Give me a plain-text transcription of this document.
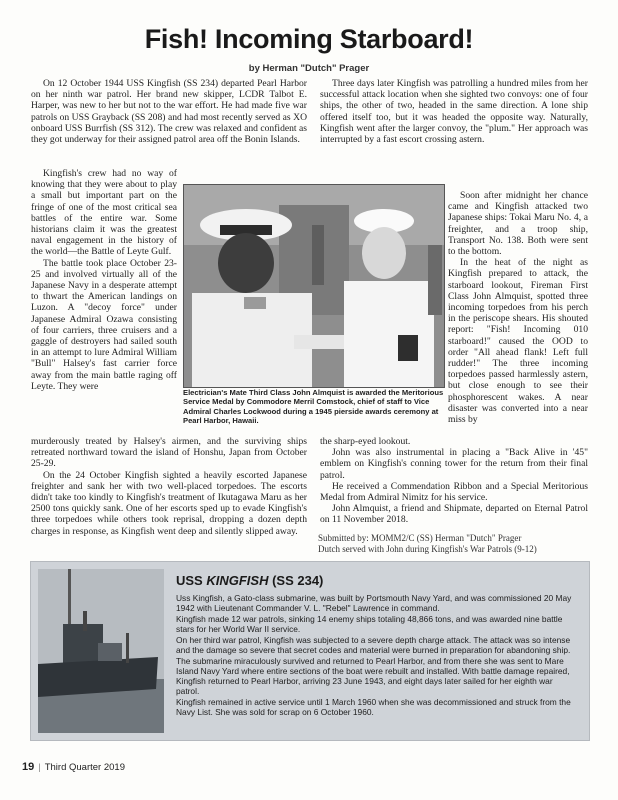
Fish! Incoming Starboard!
by Herman "Dutch" Prager

On 12 October 1944 USS Kingfish (SS 234) departed Pearl Harbor on her ninth war patrol. Her brand new skipper, LCDR Talbot E. Harper, was new to her but not to the war effort. He had made five war patrols on USS Grayback (SS 208) and had most recently served as XO onboard USS Burrfish (SS 312). The crew was relaxed and confident as they got underway for their assigned patrol area off the Bonin Islands.

Kingfish's crew had no way of knowing that they were about to play a small but important part on the fringe of one of the most critical sea battles of the entire war. Some historians claim it was the greatest naval engagement in the history of the world—the Battle of Leyte Gulf.

The battle took place October 23-25 and involved virtually all of the Japanese Navy in a desperate attempt to thwart the American landings on Luzon. A "decoy force" under Japanese Admiral Ozawa consisting of four carriers, three cruisers and a gaggle of destroyers had sailed south in an attempt to lure Admiral William "Bull" Halsey's fast carrier force away from the main battle raging off Leyte. They were

murderously treated by Halsey's airmen, and the surviving ships retreated northward toward the island of Honshu, Japan from October 25-29.

On the 24 October Kingfish sighted a heavily escorted Japanese freighter and sank her with two well-placed torpedoes. The escorts didn't take too kindly to Kingfish's treatment of Ikutagawa Maru as her 2500 tons quickly sank. One of her escorts sped up to evade Kingfish's three torpedoes while others took reprisal, dropping a dozen depth charges in response, as Kingfish went deep and silently slipped away.

Three days later Kingfish was patrolling a hundred miles from her successful attack location when she sighted two convoys: one of four ships, the other of two, headed in the same direction. A lone ship offered itself too, but it was headed the opposite way. Naturally, Kingfish went after the larger convoy, the "plum." Her approach was interrupted by a fast escort crossing astern.

Soon after midnight her chance came and Kingfish attacked two Japanese ships: Tokai Maru No. 4, a freighter, and a troop ship, Transport No. 138. Both were sent to the bottom.

In the heat of the night as Kingfish prepared to attack, the starboard lookout, Fireman First Class John Almquist, spotted three incoming torpedoes from his perch in the periscope shears. His shouted report: "Fish! Incoming 010 starboard!" caused the OOD to order "All ahead flank! Left full rudder!" The three incoming torpedoes passed harmlessly astern, but close enough to see their phosphorescent wakes. A near disaster was converted into a near miss by

the sharp-eyed lookout.

John was also instrumental in placing a "Back Alive in '45" emblem on Kingfish's conning tower for the return from their final patrol.

He received a Commendation Ribbon and a Special Meritorious Medal from Admiral Nimitz for his service.

John Almquist, a friend and Shipmate, departed on Eternal Patrol on 11 November 2018.

Electrician's Mate Third Class John Almquist is awarded the Meritorious Service Medal by Commodore Merril Comstock, chief of staff to Vice Admiral Charles Lockwood during a 1945 pierside awards ceremony at Pearl Harbor, Hawaii.
Submitted by: MOMM2/C (SS) Herman "Dutch" Prager
Dutch served with John during Kingfish's War Patrols (9-12)
USS KINGFISH (SS 234)

Uss Kingfish, a Gato-class submarine, was built by Portsmouth Navy Yard, and was commissioned 20 May 1942 with Lieutenant Commander V. L. "Rebel" Lawrence in command.

Kingfish made 12 war patrols, sinking 14 enemy ships totaling 48,866 tons, and was awarded nine battle stars for her World War II service.

On her third war patrol, Kingfish was subjected to a severe depth charge attack. The attack was so intense and the damage so severe that secret codes and material were burned in preparation for abandoning ship. The submarine miraculously survived and returned to Pearl Harbor, and from there she was sent to Mare Island Navy Yard where entire sections of the boat were rebuilt and installed. With battle damage repaired, Kingfish returned to Pearl Harbor, arriving 23 June 1943, and eight days later sailed for her eighth war patrol.

Kingfish remained in active service until 1 March 1960 when she was decommissioned and struck from the Navy List. She was sold for scrap on 6 October 1960.

19 | Third Quarter 2019
